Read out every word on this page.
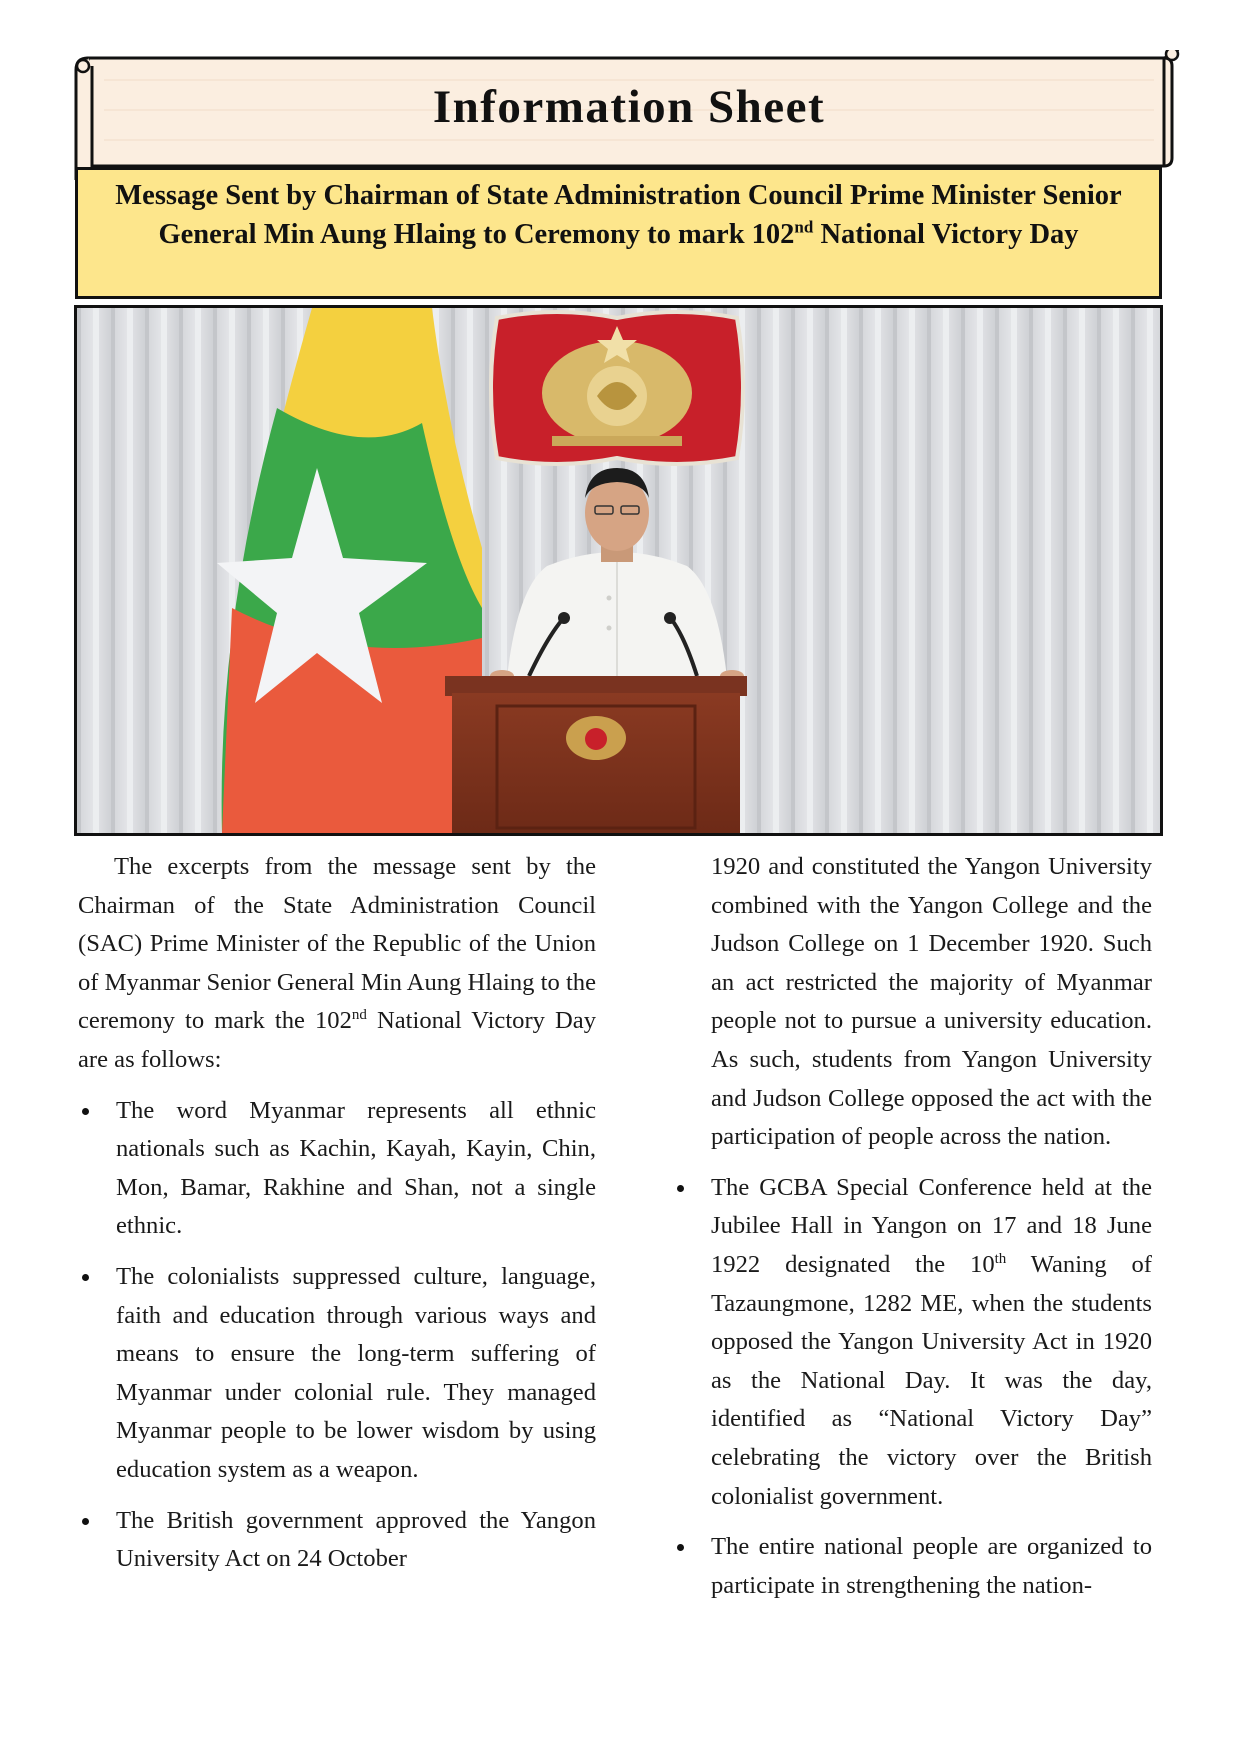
Information Sheet

Message Sent by Chairman of State Administration Council Prime Minister Senior General Min Aung Hlaing to Ceremony to mark 102nd National Victory Day

The excerpts from the message sent by the Chairman of the State Administration Council (SAC) Prime Minister of the Republic of the Union of Myanmar Senior General Min Aung Hlaing to the ceremony to mark the 102nd National Victory Day are as follows:

The word Myanmar represents all ethnic nationals such as Kachin, Kayah, Kayin, Chin, Mon, Bamar, Rakhine and Shan, not a single ethnic.
The colonialists suppressed culture, language, faith and education through various ways and means to ensure the long-term suffering of Myanmar under colonial rule. They managed Myanmar people to be lower wisdom by using education system as a weapon.
The British government approved the Yangon University Act on 24 October

1920 and constituted the Yangon University combined with the Yangon College and the Judson College on 1 December 1920. Such an act restricted the majority of Myanmar people not to pursue a university education. As such, students from Yangon University and Judson College opposed the act with the participation of people across the nation.

The GCBA Special Conference held at the Jubilee Hall in Yangon on 17 and 18 June 1922 designated the 10th Waning of Tazaungmone, 1282 ME, when the students opposed the Yangon University Act in 1920 as the National Day. It was the day, identified as “National Victory Day” celebrating the victory over the British colonialist government.
The entire national people are organized to participate in strengthening the nation-
